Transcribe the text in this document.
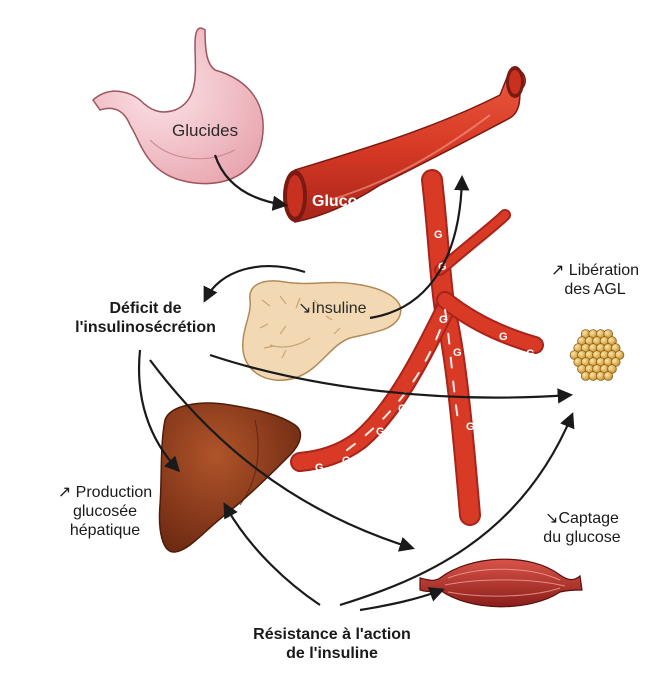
G
G
G
G
G
G
G
G
G
G
G
Glucides
Glucose
↘Insuline
Déficit de
l'insulinosécrétion
↗ Libération
des AGL
↗ Production
glucosée
hépatique
↘Captage
du glucose
Résistance à l'action
de l'insuline
